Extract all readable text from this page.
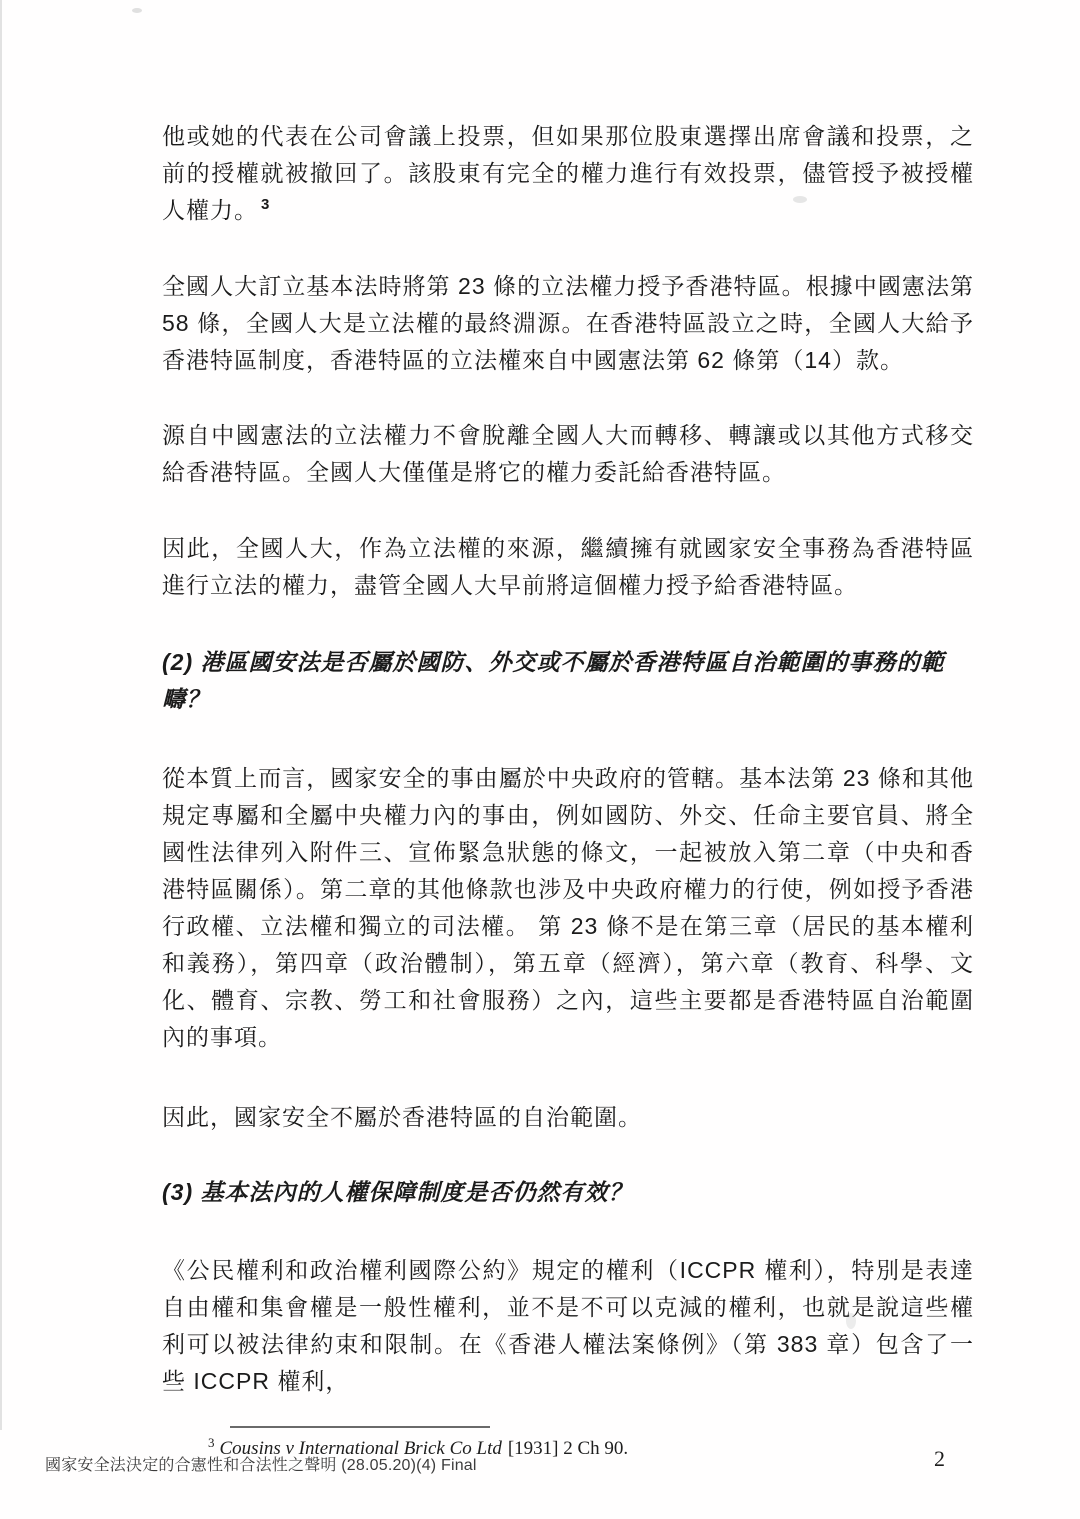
他或她的代表在公司會議上投票，但如果那位股東選擇出席會議和投票，之前的授權就被撤回了。該股東有完全的權力進行有效投票，儘管授予被授權人權力。 $^3$

全國人大訂立基本法時將第 23 條的立法權力授予香港特區。根據中國憲法第 58 條，全國人大是立法權的最終淵源。在香港特區設立之時，全國人大給予香港特區制度，香港特區的立法權來自中國憲法第 62 條第（14）款。

源自中國憲法的立法權力不會脫離全國人大而轉移、轉讓或以其他方式移交給香港特區。全國人大僅僅是將它的權力委託給香港特區。

因此，全國人大，作為立法權的來源，繼續擁有就國家安全事務為香港特區進行立法的權力，盡管全國人大早前將這個權力授予給香港特區。

(2) 港區國安法是否屬於國防、外交或不屬於香港特區自治範圍的事務的範疇？

從本質上而言，國家安全的事由屬於中央政府的管轄。基本法第 23 條和其他規定專屬和全屬中央權力內的事由，例如國防、外交、任命主要官員、將全國性法律列入附件三、宣佈緊急狀態的條文，一起被放入第二章（中央和香港特區關係）。第二章的其他條款也涉及中央政府權力的行使，例如授予香港行政權、立法權和獨立的司法權。 第 23 條不是在第三章（居民的基本權利和義務），第四章（政治體制），第五章（經濟），第六章（教育、科學、文化、體育、宗教、勞工和社會服務）之內，這些主要都是香港特區自治範圍內的事項。

因此，國家安全不屬於香港特區的自治範圍。

(3) 基本法內的人權保障制度是否仍然有效？

《公民權利和政治權利國際公約》規定的權利（ICCPR 權利），特別是表達自由權和集會權是一般性權利，並不是不可以克減的權利，也就是說這些權利可以被法律約束和限制。在《香港人權法案條例》（第 383 章）包含了一些 ICCPR 權利，

$^3$ Cousins v International Brick Co Ltd [1931] 2 Ch 90.
國家安全法決定的合憲性和合法性之聲明 (28.05.20)(4) Final	2
